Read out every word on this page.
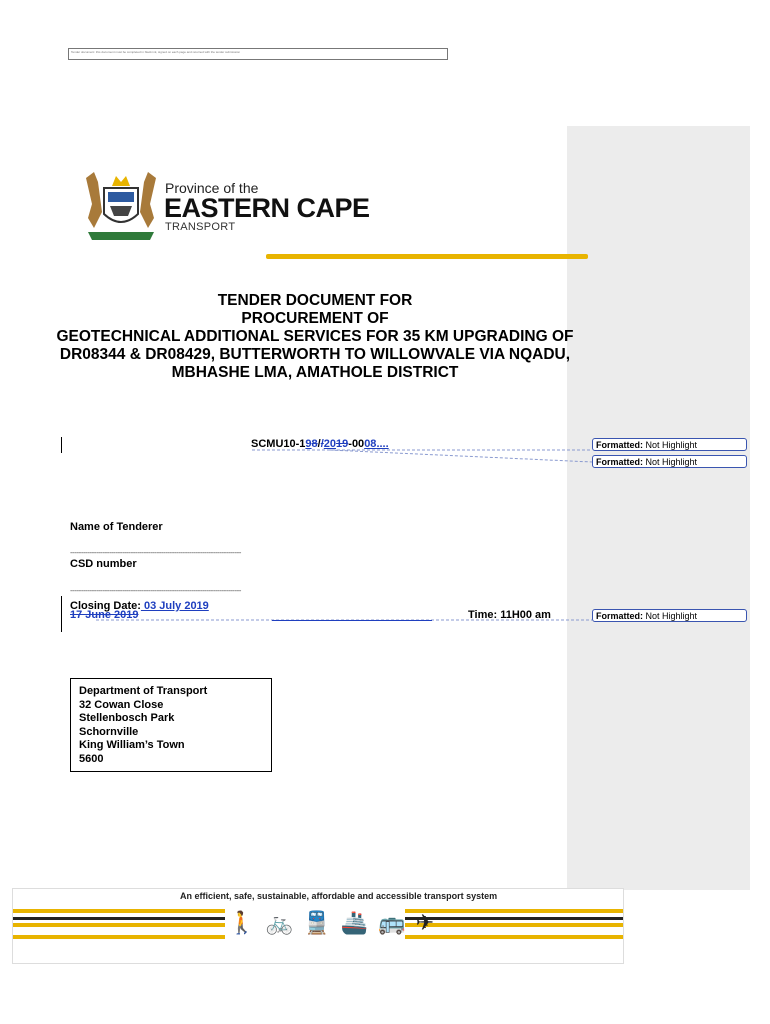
Tender document: this document must be completed in black ink, signed on each page and returned with the tender submission
Province of the
EASTERN CAPE
TRANSPORT
TENDER DOCUMENT FOR
PROCUREMENT OF
GEOTECHNICAL ADDITIONAL SERVICES FOR 35 KM UPGRADING OF
DR08344 & DR08429, BUTTERWORTH TO WILLOWVALE VIA NQADU,
MBHASHE LMA, AMATHOLE DISTRICT
SCMU10-198//2019-0008....	Formatted: Not Highlight
Formatted: Not Highlight
Formatted: Not Highlight
Name of Tenderer
-------------------------------------------------------------------------------
CSD number
-------------------------------------------------------------------------------
Closing Date: 03 July 2019
17 June 2019	Time: 11H00 am
Department of Transport
32 Cowan Close
Stellenbosch Park
Schornville
King William’s Town
5600
An efficient, safe, sustainable, affordable and accessible transport system
🚶 🚲 🚆 🚢 🚌 ✈
